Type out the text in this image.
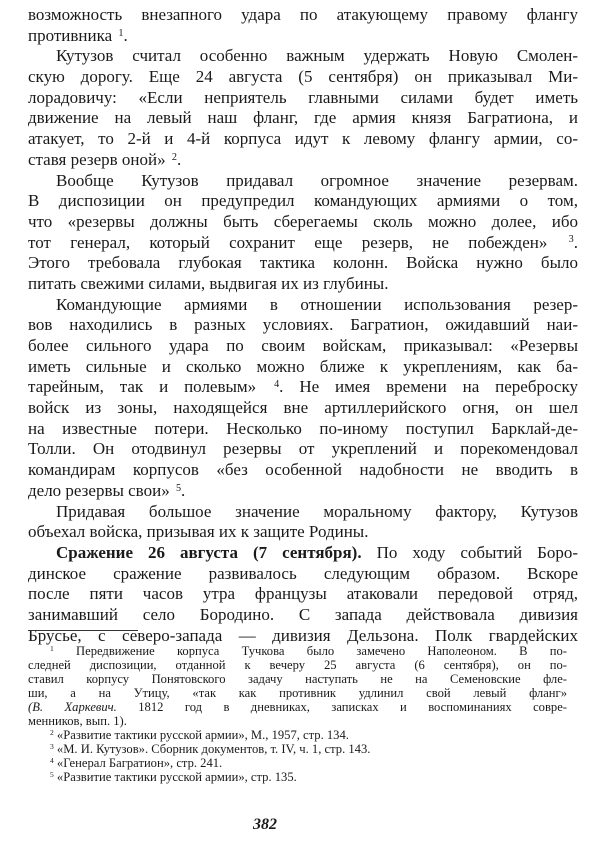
возможность внезапного удара по атакующему правому флангу
противника $^1$.
Кутузов считал особенно важным удержать Новую Смолен-
скую дорогу. Еще 24 августа (5 сентября) он приказывал Ми-
лорадовичу: «Если неприятель главными силами будет иметь
движение на левый наш фланг, где армия князя Багратиона, и
атакует, то 2-й и 4-й корпуса идут к левому флангу армии, со-
ставя резерв оной» $^2$.
Вообще Кутузов придавал огромное значение резервам.
В диспозиции он предупредил командующих армиями о том,
что «резервы должны быть сберегаемы сколь можно долее, ибо
тот генерал, который сохранит еще резерв, не побежден» $^3$.
Этого требовала глубокая тактика колонн. Войска нужно было
питать свежими силами, выдвигая их из глубины.
Командующие армиями в отношении использования резер-
вов находились в разных условиях. Багратион, ожидавший наи-
более сильного удара по своим войскам, приказывал: «Резервы
иметь сильные и сколько можно ближе к укреплениям, как ба-
тарейным, так и полевым» $^4$. Не имея времени на переброску
войск из зоны, находящейся вне артиллерийского огня, он шел
на известные потери. Несколько по-иному поступил Барклай-де-
Толли. Он отодвинул резервы от укреплений и порекомендовал
командирам корпусов «без особенной надобности не вводить в
дело резервы свои» $^5$.
Придавая большое значение моральному фактору, Кутузов
объехал войска, призывая их к защите Родины.
Сражение 26 августа (7 сентября). По ходу событий Боро-
динское сражение развивалось следующим образом. Вскоре
после пяти часов утра французы атаковали передовой отряд,
занимавший село Бородино. С запада действовала дивизия
Брусье, с северо-запада — дивизия Дельзона. Полк гвардейских
$^1$ Передвижение корпуса Тучкова было замечено Наполеоном. В по-
следней диспозиции, отданной к вечеру 25 августа (6 сентября), он по-
ставил корпусу Понятовского задачу наступать не на Семеновские фле-
ши, а на Утицу, «так как противник удлинил свой левый фланг»
(В. Харкевич. 1812 год в дневниках, записках и воспоминаниях совре-
менников, вып. 1).
$^2$ «Развитие тактики русской армии», М., 1957, стр. 134.
$^3$ «М. И. Кутузов». Сборник документов, т. IV, ч. 1, стр. 143.
$^4$ «Генерал Багратион», стр. 241.
$^5$ «Развитие тактики русской армии», стр. 135.
382
